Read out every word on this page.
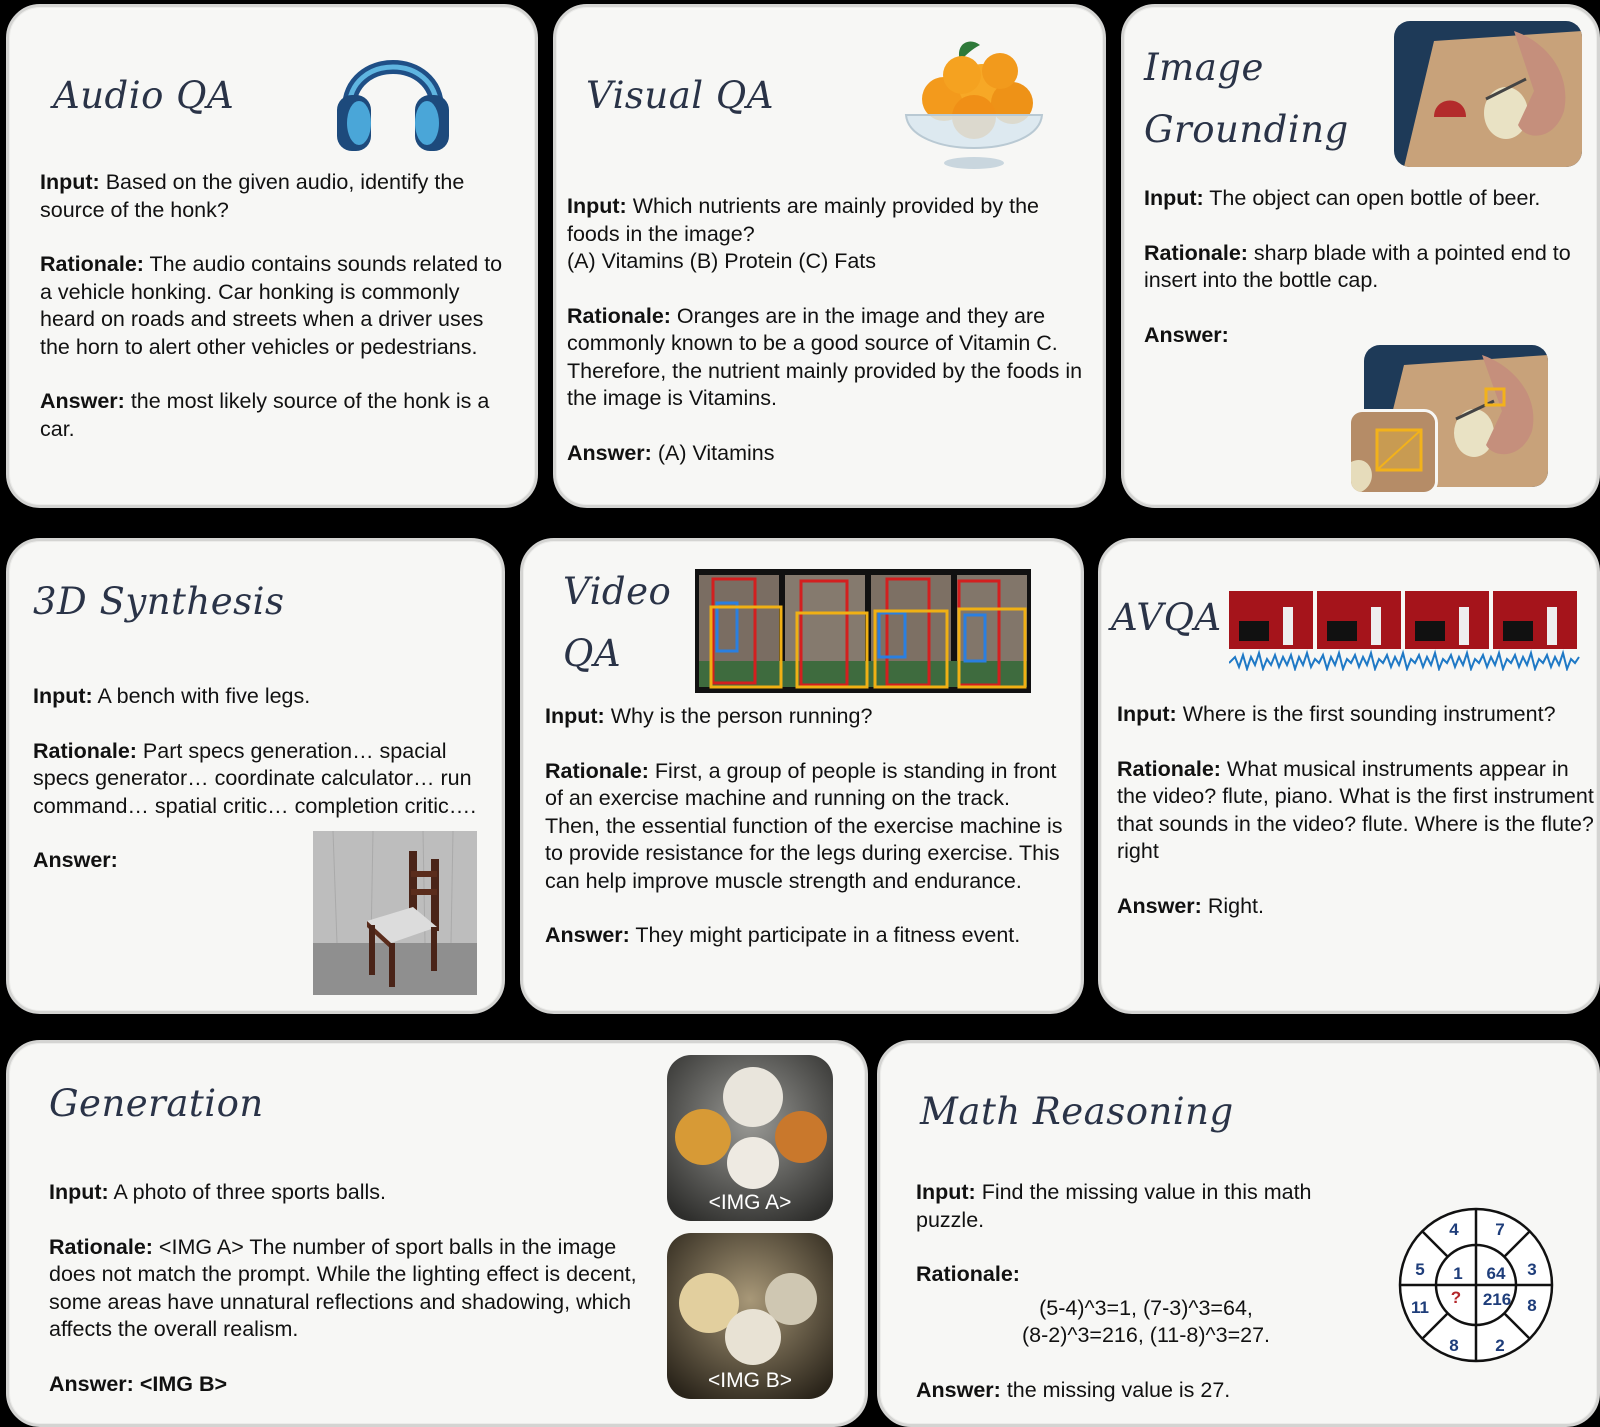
Audio QA

Input: Based on the given audio, identify the source of the honk?

Rationale: The audio contains sounds related to a vehicle honking. Car honking is commonly heard on roads and streets when a driver uses the horn to alert other vehicles or pedestrians.

Answer: the most likely source of the honk is a car.

Visual QA

Input: Which nutrients are mainly provided by the foods in the image?
(A) Vitamins (B) Protein (C) Fats

Rationale: Oranges are in the image and they are commonly known to be a good source of Vitamin C. Therefore, the nutrient mainly provided by the foods in the image is Vitamins.

Answer: (A) Vitamins

Image
Grounding

Input: The object can open bottle of beer.

Rationale: sharp blade with a pointed end to insert into the bottle cap.

Answer:

3D Synthesis

Input: A bench with five legs.

Rationale: Part specs generation… spacial specs generator… coordinate calculator… run command… spatial critic… completion critic….

Answer:

Video
QA

Input: Why is the person running?

Rationale: First, a group of people is standing in front of an exercise machine and running on the track. Then, the essential function of the exercise machine is to provide resistance for the legs during exercise. This can help improve muscle strength and endurance.

Answer: They might participate in a fitness event.

AVQA

Input: Where is the first sounding instrument?

Rationale: What musical instruments appear in the video? flute, piano. What is the first instrument that sounds in the video? flute. Where is the flute? right

Answer: Right.

Generation

Input: A photo of three sports balls.

Rationale: <IMG A> The number of sport balls in the image does not match the prompt. While the lighting effect is decent, some areas have unnatural reflections and shadowing, which affects the overall realism.

Answer: <IMG B>

<IMG A>
<IMG B>
Math Reasoning

Input: Find the missing value in this math puzzle.

Rationale:

(5-4)^3=1, (7-3)^3=64,
(8-2)^3=216, (11-8)^3=27.

Answer: the missing value is 27.

4 7
3
8
2
8
11
5 1 64
216
?
